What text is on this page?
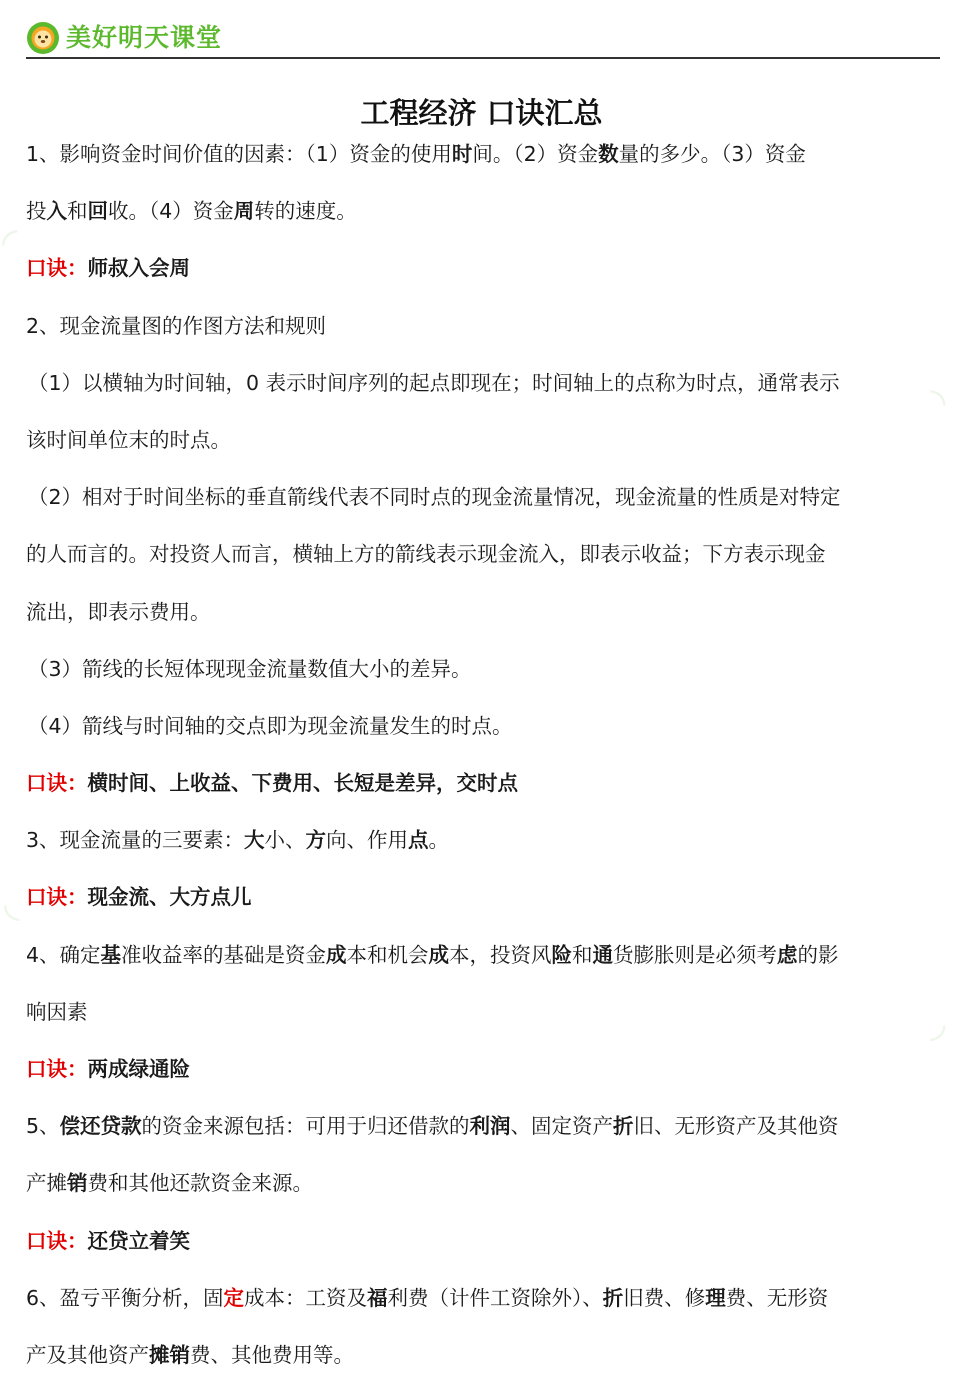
美好明天课堂
◜
◝
◟
◞
工程经济 口诀汇总
1、影响资金时间价值的因素：（1）资金的使用时间。（2）资金数量的多少。（3）资金
投入和回收。（4）资金周转的速度。
口诀：师叔入会周
2、现金流量图的作图方法和规则
（1）以横轴为时间轴，0 表示时间序列的起点即现在；时间轴上的点称为时点，通常表示
该时间单位末的时点。
（2）相对于时间坐标的垂直箭线代表不同时点的现金流量情况，现金流量的性质是对特定
的人而言的。对投资人而言，横轴上方的箭线表示现金流入，即表示收益；下方表示现金
流出，即表示费用。
（3）箭线的长短体现现金流量数值大小的差异。
（4）箭线与时间轴的交点即为现金流量发生的时点。
口诀：横时间、上收益、下费用、长短是差异，交时点
3、现金流量的三要素：大小、方向、作用点。
口诀：现金流、大方点儿
4、确定基准收益率的基础是资金成本和机会成本，投资风险和通货膨胀则是必须考虑的影
响因素
口诀：两成绿通险
5、偿还贷款的资金来源包括：可用于归还借款的利润、固定资产折旧、无形资产及其他资
产摊销费和其他还款资金来源。
口诀：还贷立着笑
6、盈亏平衡分析，固定成本：工资及福利费（计件工资除外）、折旧费、修理费、无形资
产及其他资产摊销费、其他费用等。
